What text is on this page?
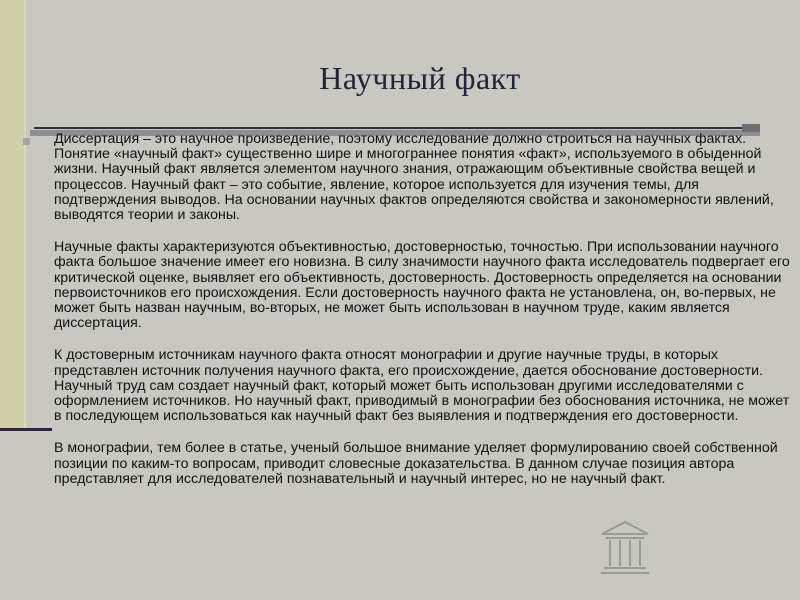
Научный факт

Диссертация – это научное произведение, поэтому исследование должно строиться на научных фактах. Понятие «научный факт» существенно шире и многограннее понятия «факт», используемого в обыденной жизни. Научный факт является элементом научного знания, отражающим объективные свойства вещей и процессов. Научный факт – это событие, явление, которое используется для изучения темы, для подтверждения выводов. На основании научных фактов определяются свойства и закономерности явлений, выводятся теории и законы.

Научные факты характеризуются объективностью, достоверностью, точностью. При использовании научного факта большое значение имеет его новизна. В силу значимости научного факта исследователь подвергает его критической оценке, выявляет его объективность, достоверность. Достоверность определяется на основании первоисточников его происхождения. Если достоверность научного факта не установлена, он, во-первых, не может быть назван научным, во-вторых, не может быть использован в научном труде, каким является диссертация.

К достоверным источникам научного факта относят монографии и другие научные труды, в которых представлен источник получения научного факта, его происхождение, дается обоснование достоверности. Научный труд сам создает научный факт, который может быть использован другими исследователями с оформлением источников. Но научный факт, приводимый в монографии без обоснования источника, не может в последующем использоваться как научный факт без выявления и подтверждения его достоверности.

В монографии, тем более в статье, ученый большое внимание уделяет формулированию своей собственной позиции по каким-то вопросам, приводит словесные доказательства. В данном случае позиция автора представляет для исследователей познавательный и научный интерес, но не научный факт.
